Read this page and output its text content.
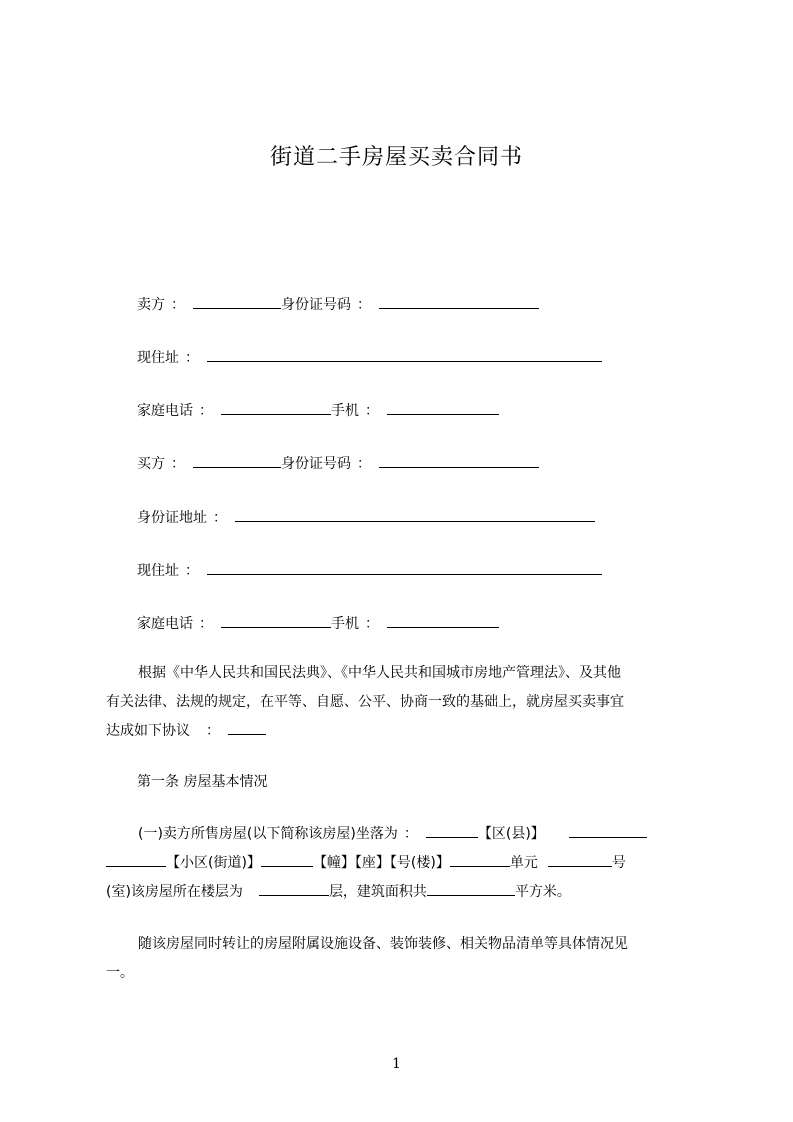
街道二手房屋买卖合同书
卖方 ：	身份证号码 ：
现住址 ：
家庭电话 ：	手机 ：
买方 ：	身份证号码 ：
身份证地址 ：
现住址 ：
家庭电话 ：	手机 ：
根据《中华人民共和国民法典》、《中华人民共和国城市房地产管理法》、及其他
有关法律、法规的规定，在平等、自愿、公平、协商一致的基础上，就房屋买卖事宜
达成如下协议 ：
第一条 房屋基本情况
(一)卖方所售房屋(以下简称该房屋)坐落为 ：	【区(县)】
【小区(街道)】	【幢】【座】【号(楼)】	单元	号
(室)该房屋所在楼层为	层，建筑面积共	平方米。
随该房屋同时转让的房屋附属设施设备、装饰装修、相关物品清单等具体情况见
一。
1
